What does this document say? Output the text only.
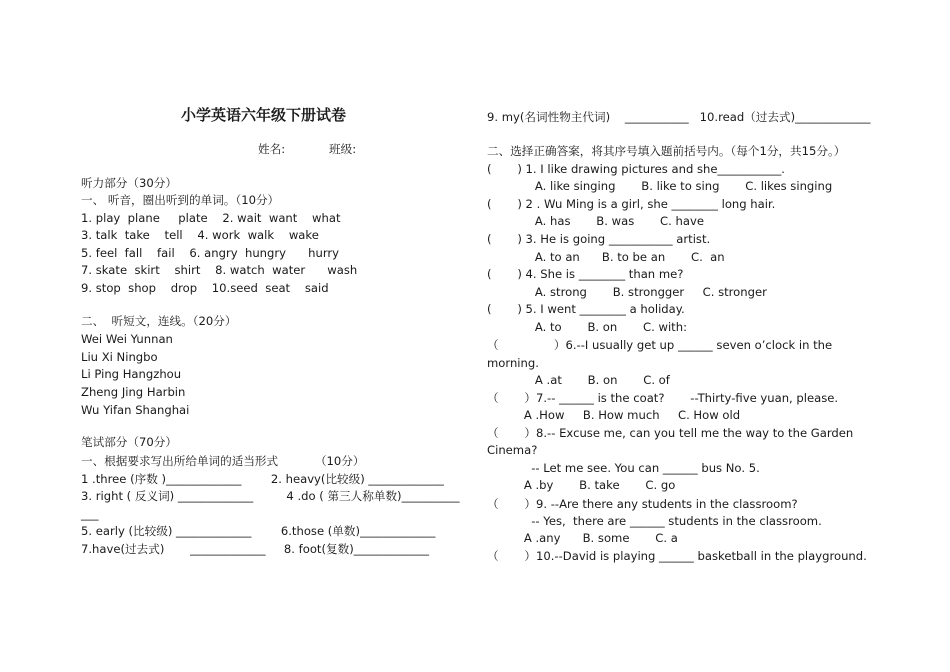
小学英语六年级下册试卷
姓名:	班级:
听力部分（30分）
一、 听音，圈出听到的单词。（10分）
1. play  plane     plate    2. wait  want    what
3. talk  take    tell    4. work  walk    wake
5. feel  fall    fail    6. angry  hungry      hurry
7. skate  skirt    shirt    8. watch  water      wash
9. stop  shop    drop    10.seed  seat    said
二、  听短文，连线。（20分）
Wei Wei Yunnan
Liu Xi Ningbo
Li Ping Hangzhou
Zheng Jing Harbin
Wu Yifan Shanghai
笔试部分（70分）
一、根据要求写出所给单词的适当形式          （10分）
1 .three (序数 )_____________        2. heavy(比较级) _____________
3. right ( 反义词) _____________         4 .do ( 第三人称单数)__________
___
5. early (比较级) _____________        6.those (单数)_____________
7.have(过去式)       _____________     8. foot(复数)_____________
9. my(名词性物主代词)    ___________   10.read（过去式)_____________
二、选择正确答案，将其序号填入题前括号内。（每个1分，共15分。）
(       ) 1. I like drawing pictures and she___________.
A. like singing       B. like to sing       C. likes singing
(       ) 2 . Wu Ming is a girl, she ________ long hair.
A. has       B. was       C. have
(       ) 3. He is going ___________ artist.
A. to an      B. to be an       C.  an
(       ) 4. She is ________ than me?
A. strong       B. strongger     C. stronger
(       ) 5. I went ________ a holiday.
A. to       B. on       C. with:
（               ）6.--I usually get up ______ seven o’clock in the
morning.
A .at       B. on       C. of
（       ）7.-- ______ is the coat?       --Thirty-five yuan, please.
A .How     B. How much     C. How old
（       ）8.-- Excuse me, can you tell me the way to the Garden
Cinema?
-- Let me see. You can ______ bus No. 5.
A .by       B. take       C. go
（       ）9. --Are there any students in the classroom?
-- Yes,  there are ______ students in the classroom.
A .any      B. some       C. a
（       ）10.--David is playing ______ basketball in the playground.
